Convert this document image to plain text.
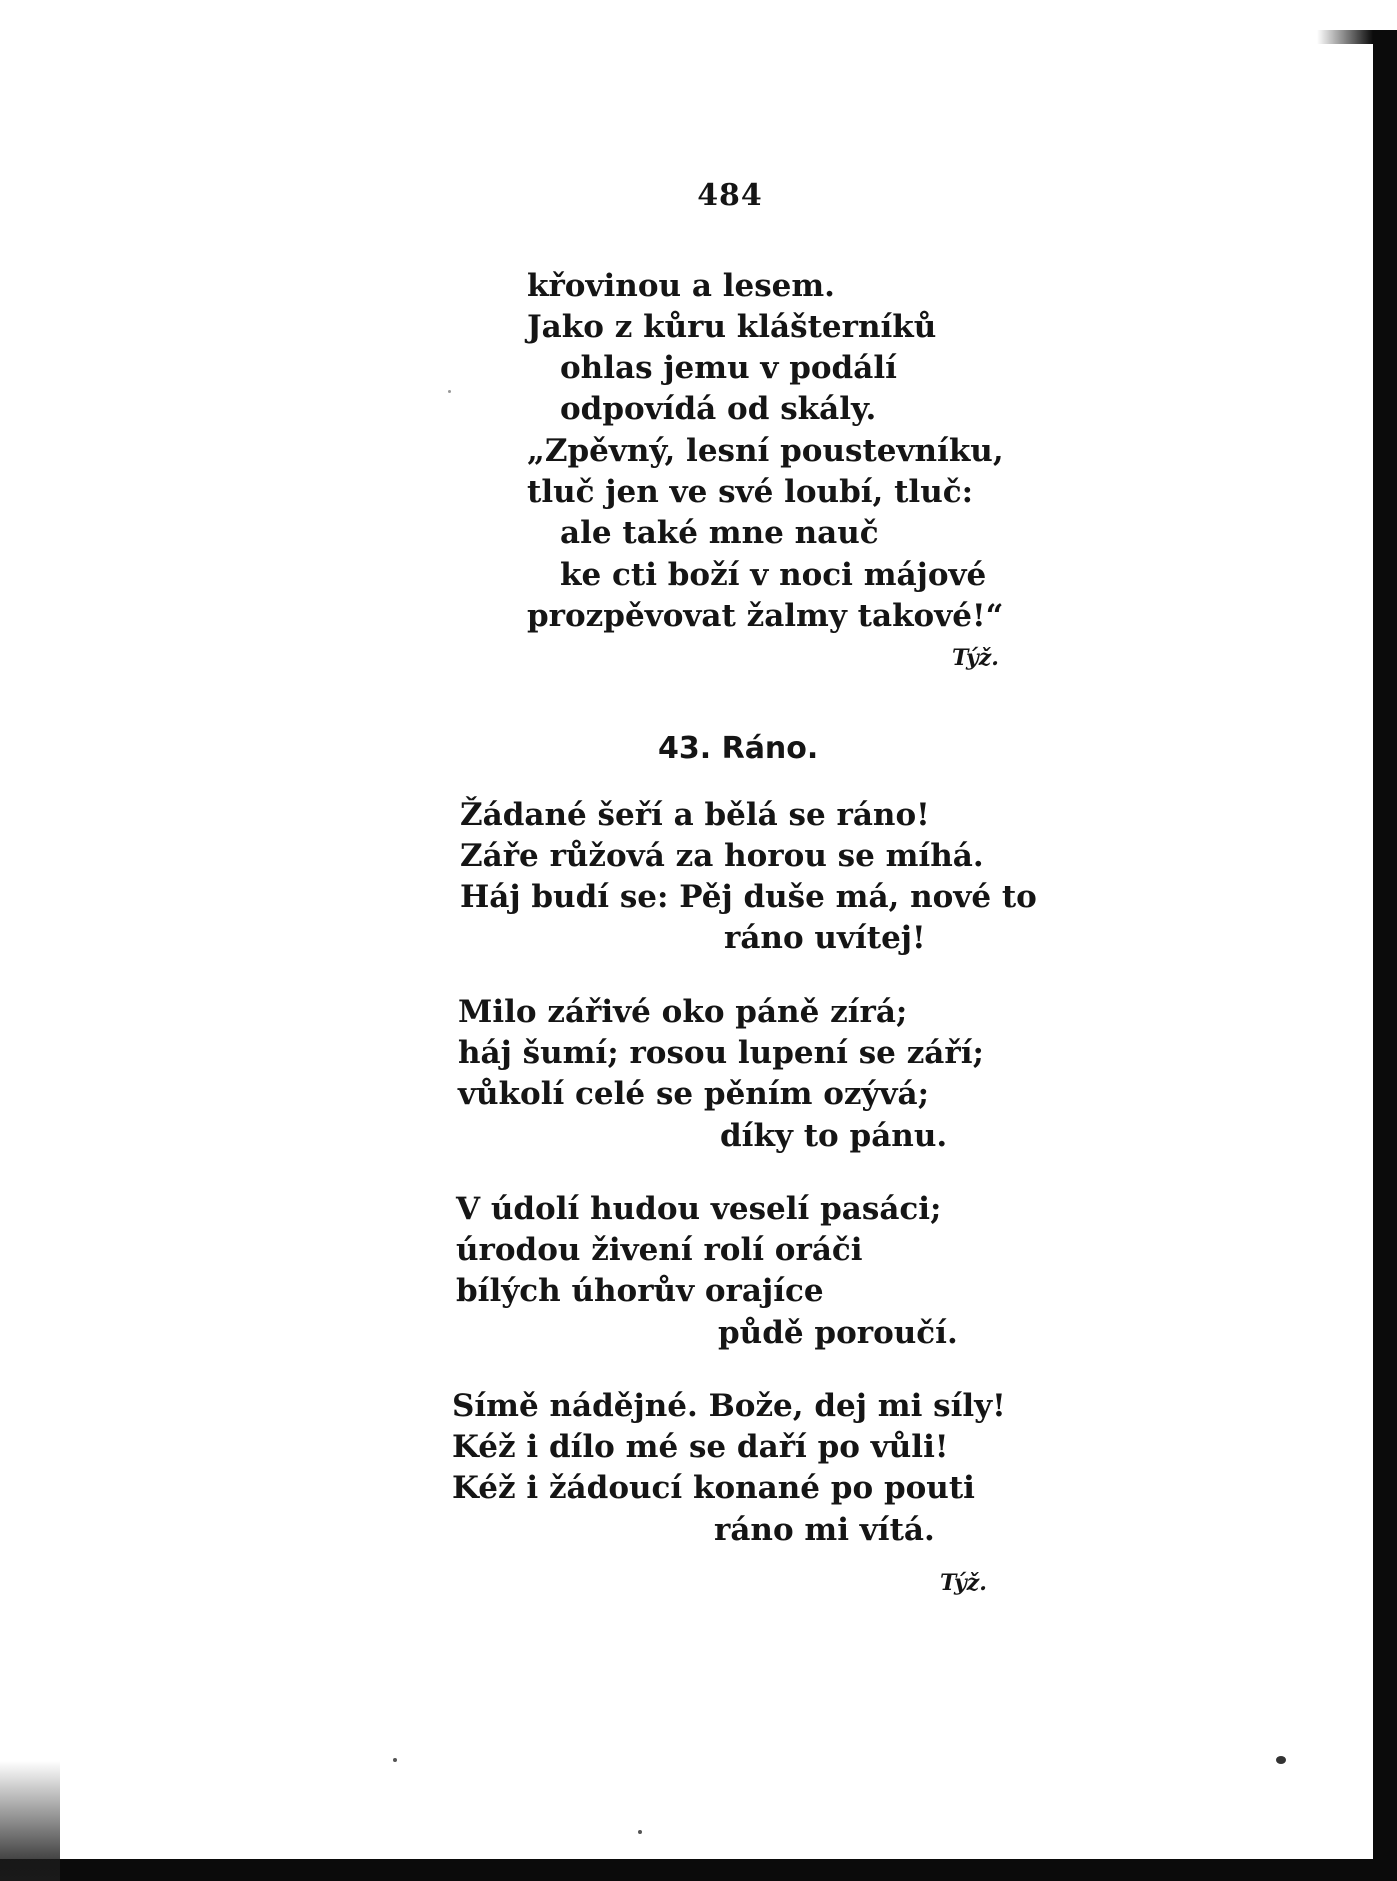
484
křovinou a lesem.
Jako z kůru klášterníků
ohlas jemu v podálí
odpovídá od skály.
„Zpěvný, lesní poustevníku,
tluč jen ve své loubí, tluč:
ale také mne nauč
ke cti boží v noci májové
prozpěvovat žalmy takové!“
Týž.
43. Ráno.
Žádané šeří a bělá se ráno!
Záře růžová za horou se míhá.
Háj budí se: Pěj duše má, nové to
ráno uvítej!
Milo zářivé oko páně zírá;
háj šumí; rosou lupení se září;
vůkolí celé se pěním ozývá;
díky to pánu.
V údolí hudou veselí pasáci;
úrodou živení rolí oráči
bílých úhorův orajíce
půdě poroučí.
Símě nádějné. Bože, dej mi síly!
Kéž i dílo mé se daří po vůli!
Kéž i žádoucí konané po pouti
ráno mi vítá.
Týž.
